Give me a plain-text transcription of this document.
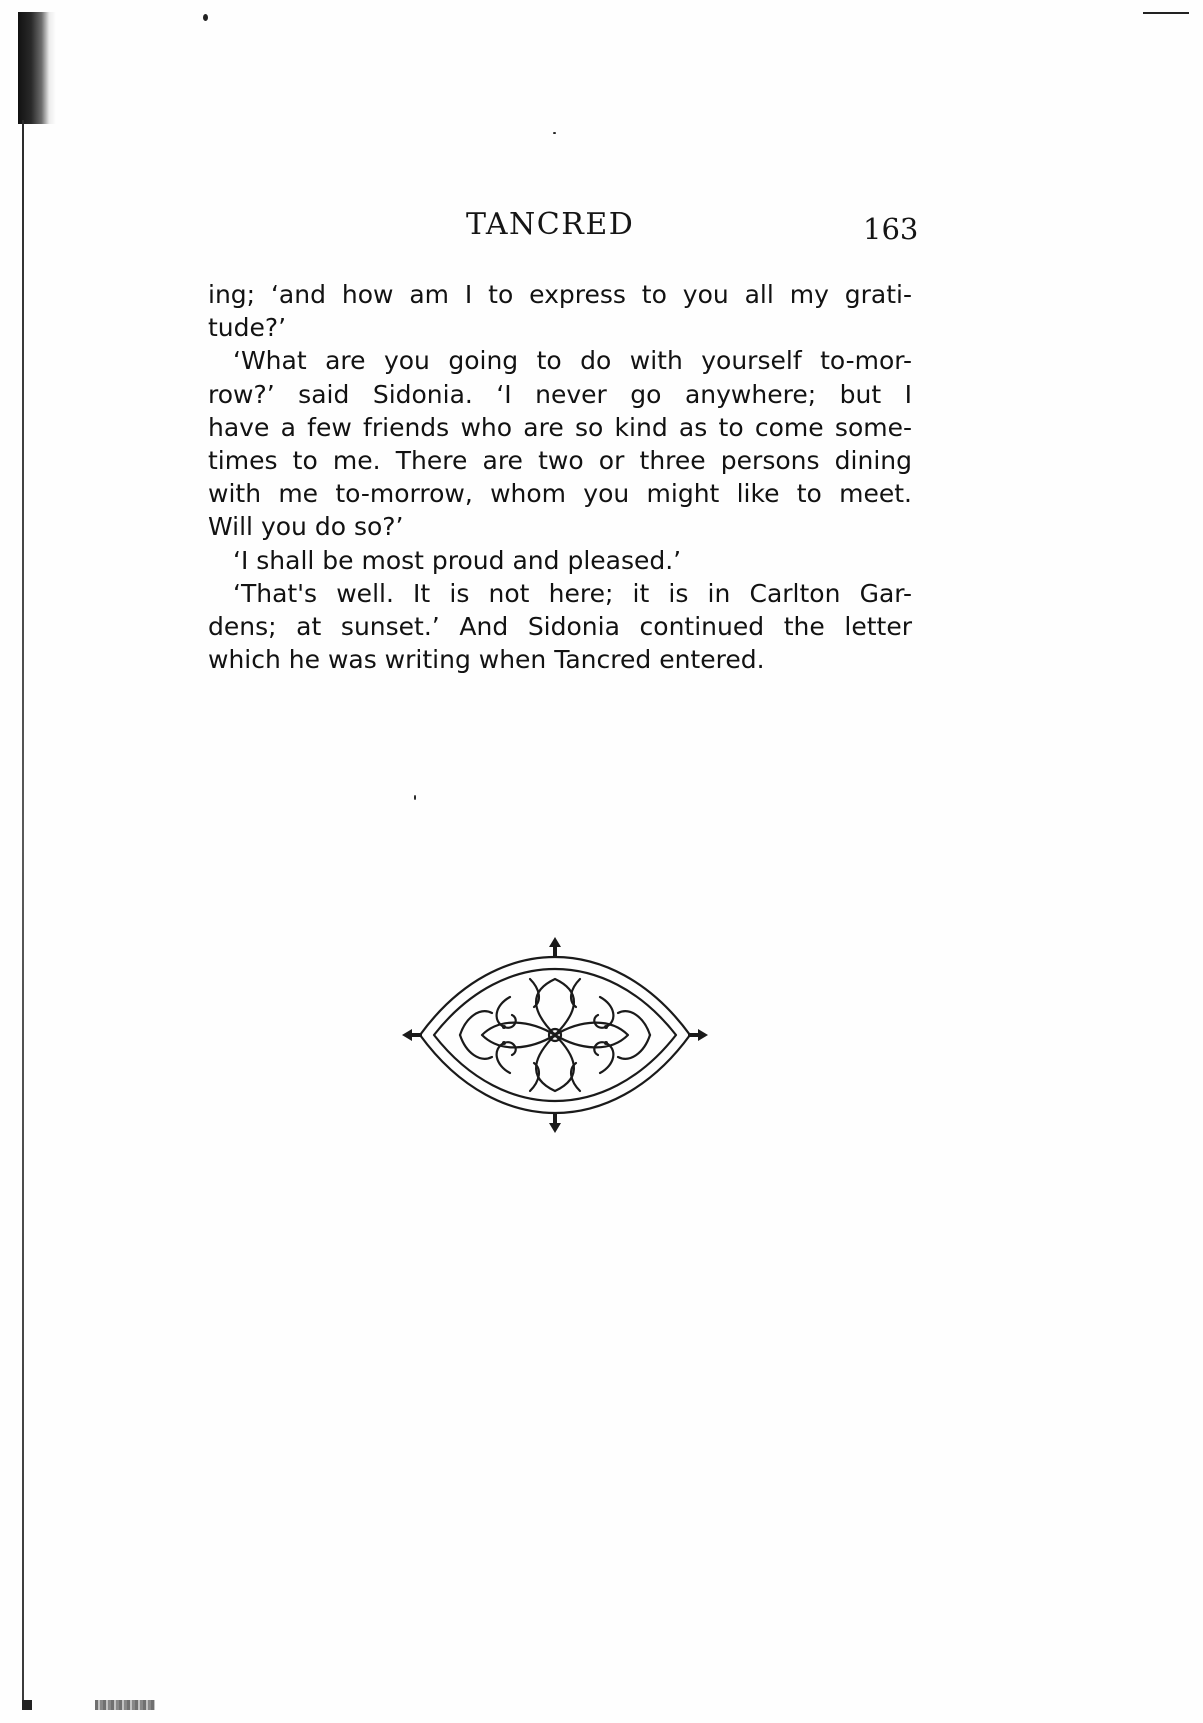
TANCRED	163

ing; ‘and how am I to express to you all my grati-
tude?’

‘What are you going to do with yourself to-mor-
row?’ said Sidonia. ‘I never go anywhere; but I
have a few friends who are so kind as to come some-
times to me. There are two or three persons dining
with me to-morrow, whom you might like to meet.
Will you do so?’

‘I shall be most proud and pleased.’

‘That's well. It is not here; it is in Carlton Gar-
dens; at sunset.’ And Sidonia continued the letter
which he was writing when Tancred entered.
